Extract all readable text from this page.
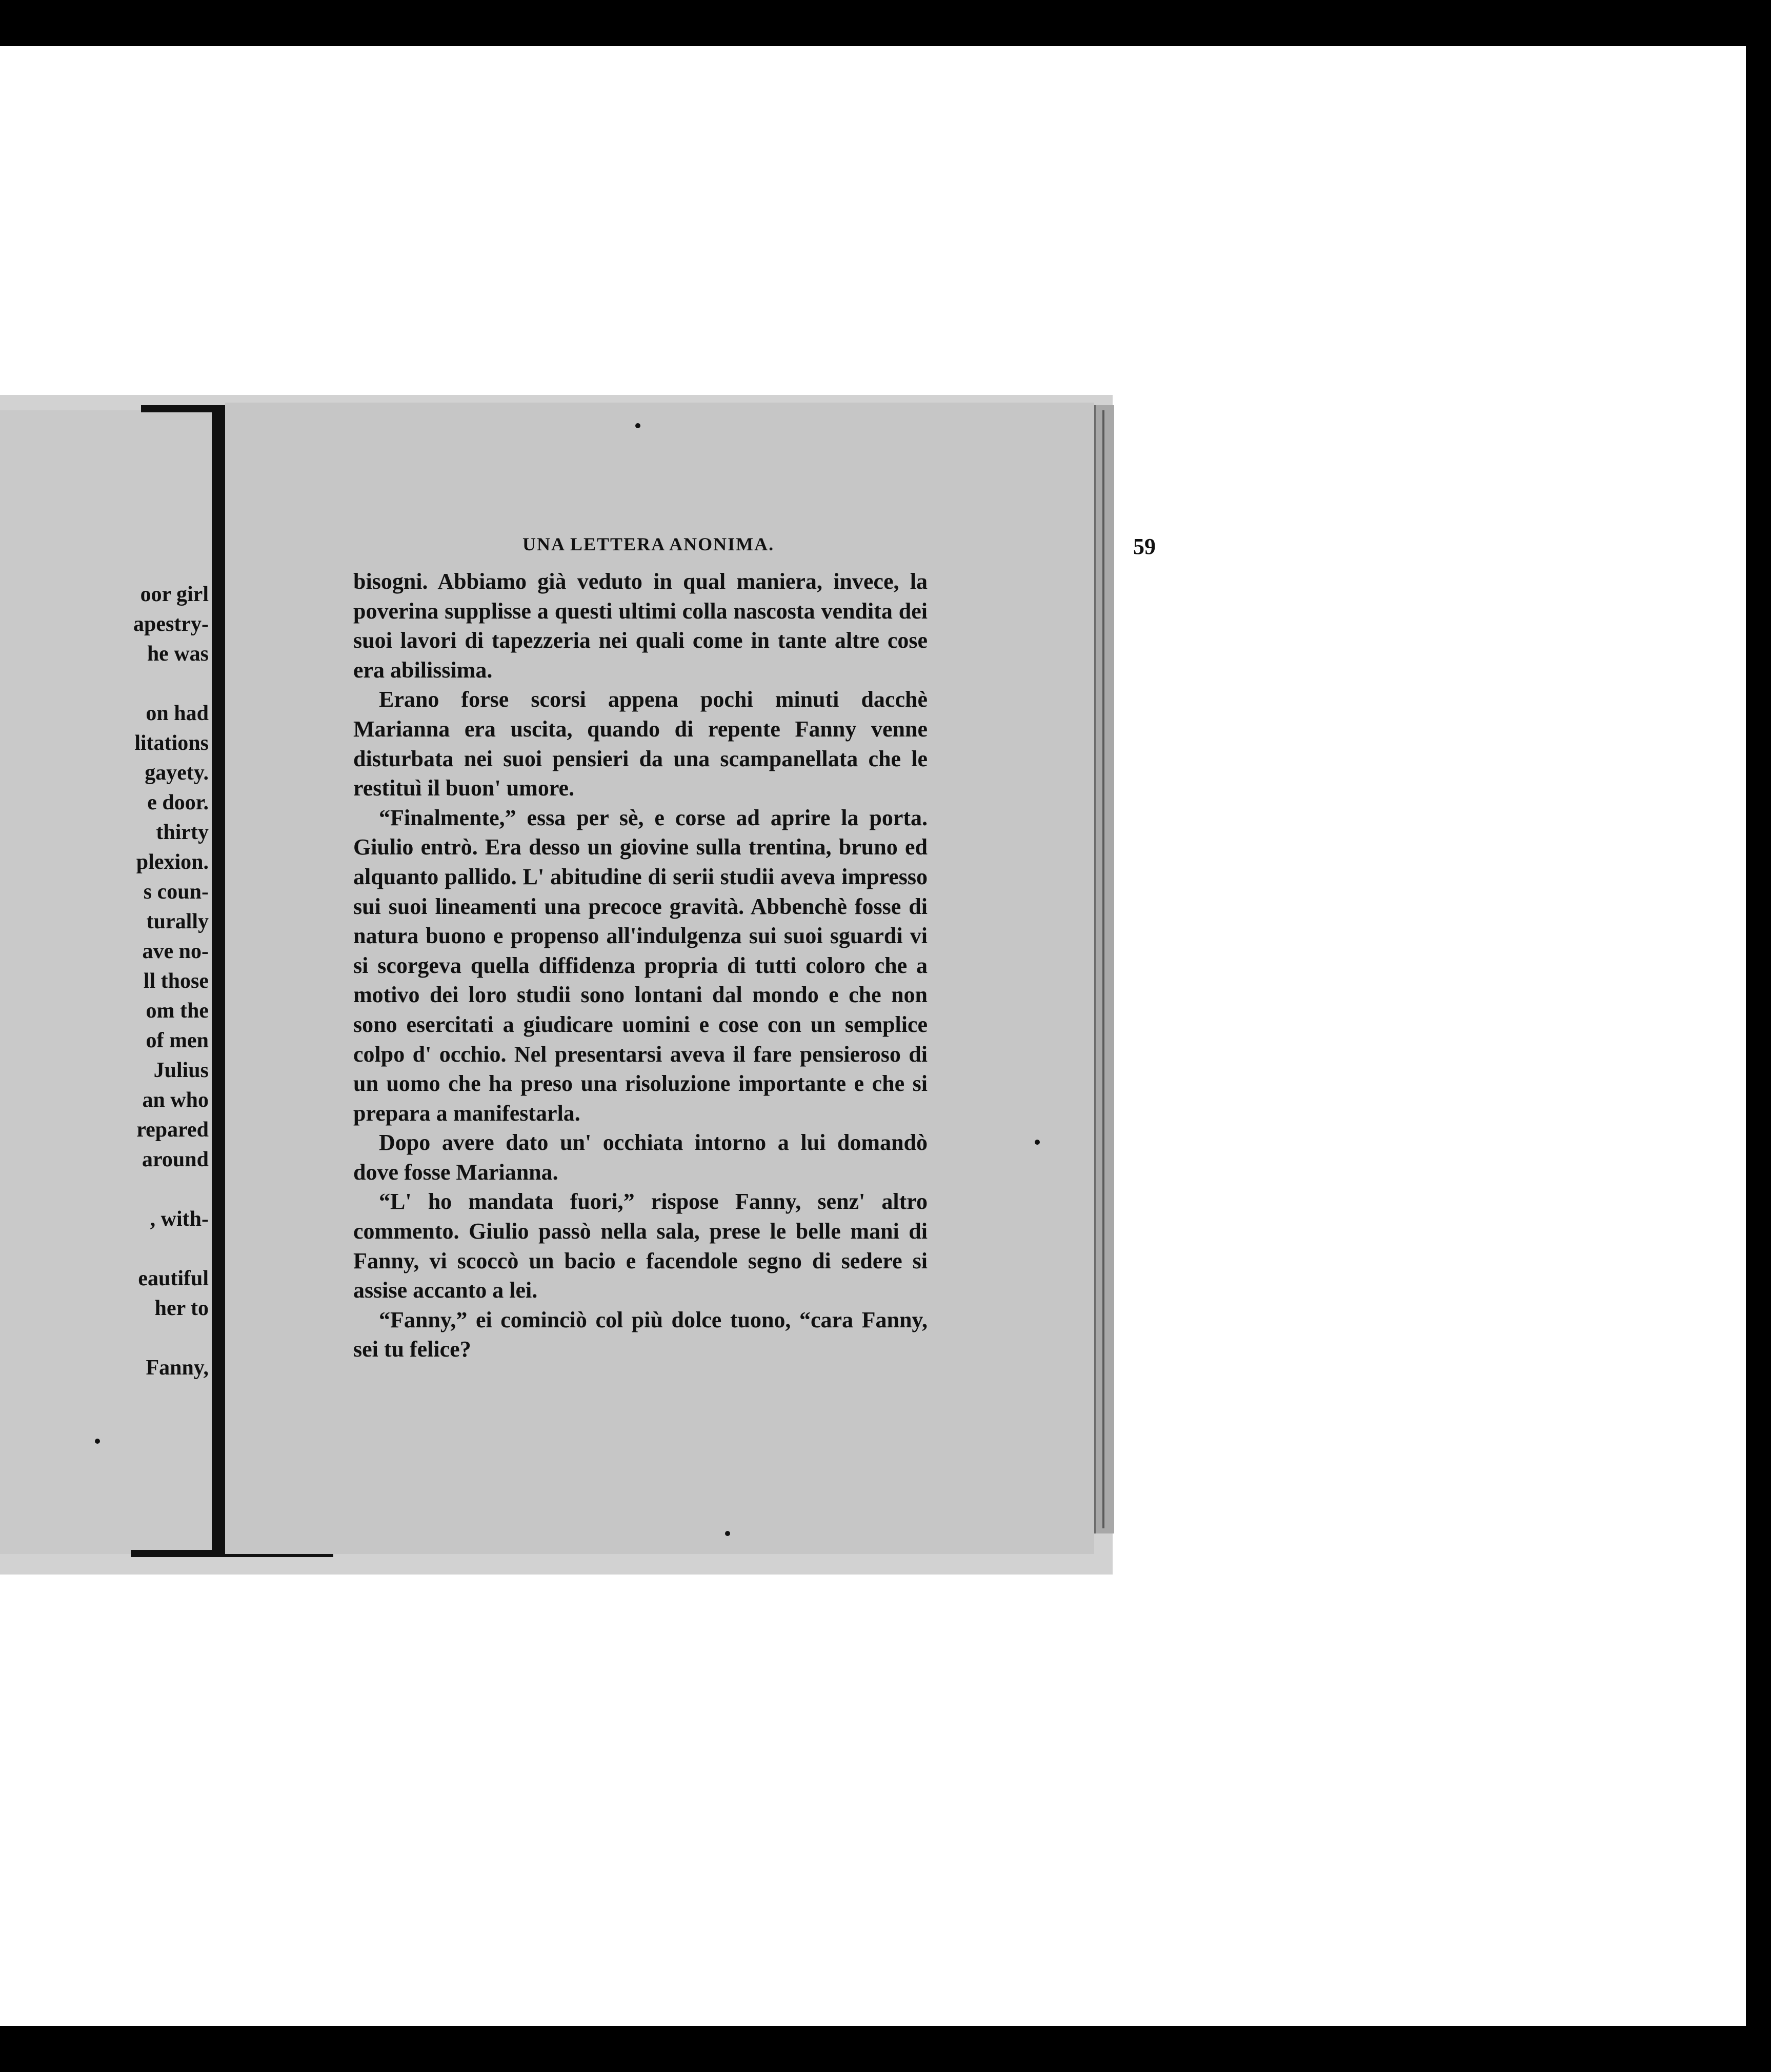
oor girl
apestry-
he was

on had
litations
gayety.
e door.
thirty
plexion.
s coun-
turally
ave no-
ll those
om the
of men
Julius
an who
repared
around

, with-

eautiful
her to

Fanny,
UNA LETTERA ANONIMA.	59

bisogni. Abbiamo già veduto in qual maniera, invece, la poverina supplisse a questi ultimi colla nascosta vendita dei suoi lavori di tapezzeria nei quali come in tante altre cose era abilissima.

Erano forse scorsi appena pochi minuti dacchè Marianna era uscita, quando di repente Fanny venne disturbata nei suoi pensieri da una scampanellata che le restituì il buon' umore.

“Finalmente,” essa per sè, e corse ad aprire la porta. Giulio entrò. Era desso un giovine sulla trentina, bruno ed alquanto pallido. L' abitudine di serii studii aveva impresso sui suoi lineamenti una precoce gravità. Abbenchè fosse di natura buono e propenso all'indulgenza sui suoi sguardi vi si scorgeva quella diffidenza propria di tutti coloro che a motivo dei loro studii sono lontani dal mondo e che non sono esercitati a giudicare uomini e cose con un semplice colpo d' occhio. Nel presentarsi aveva il fare pensieroso di un uomo che ha preso una risoluzione importante e che si prepara a manifestarla.

Dopo avere dato un' occhiata intorno a lui domandò dove fosse Marianna.

“L' ho mandata fuori,” rispose Fanny, senz' altro commento. Giulio passò nella sala, prese le belle mani di Fanny, vi scoccò un bacio e facendole segno di sedere si assise accanto a lei.

“Fanny,” ei cominciò col più dolce tuono, “cara Fanny, sei tu felice?
